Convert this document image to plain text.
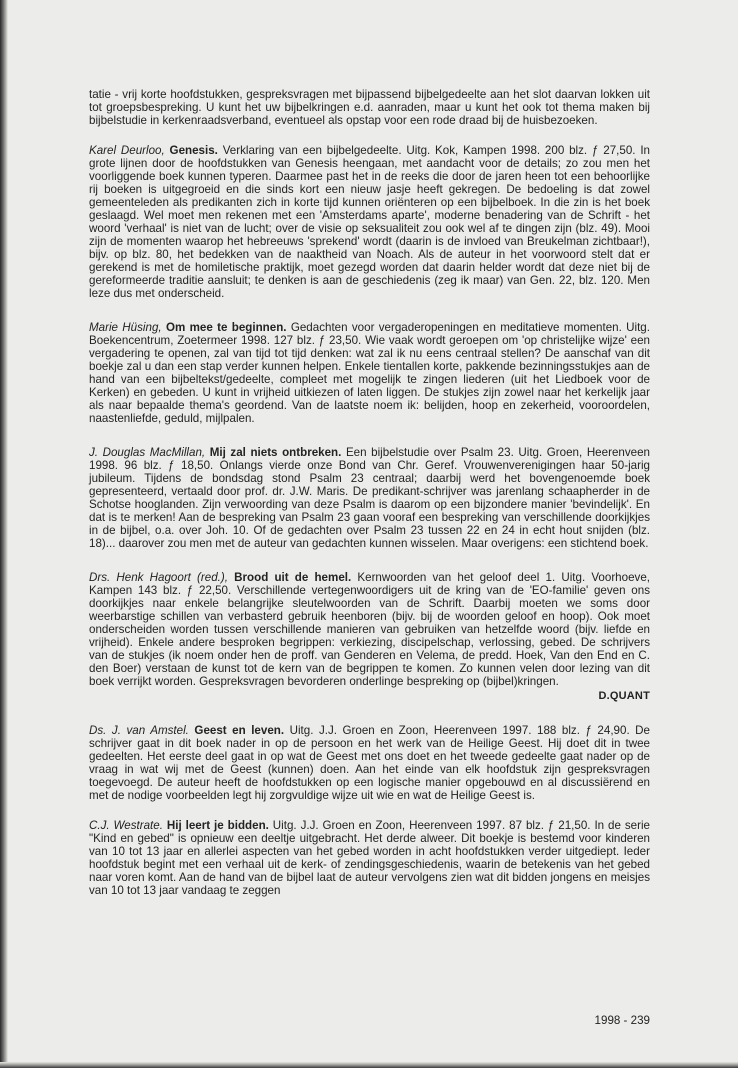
tatie - vrij korte hoofdstukken, gespreksvragen met bijpassend bijbelgedeelte aan het slot daarvan lokken uit tot groepsbespreking. U kunt het uw bijbelkringen e.d. aanraden, maar u kunt het ook tot thema maken bij bijbelstudie in kerkenraadsverband, eventueel als opstap voor een rode draad bij de huisbezoeken.

Karel Deurloo, Genesis. Verklaring van een bijbelgedeelte. Uitg. Kok, Kampen 1998. 200 blz. ƒ 27,50. In grote lijnen door de hoofdstukken van Genesis heengaan, met aandacht voor de details; zo zou men het voorliggende boek kunnen typeren. Daarmee past het in de reeks die door de jaren heen tot een behoorlijke rij boeken is uitgegroeid en die sinds kort een nieuw jasje heeft gekregen. De bedoeling is dat zowel gemeenteleden als predikanten zich in korte tijd kunnen oriënteren op een bijbelboek. In die zin is het boek geslaagd. Wel moet men rekenen met een 'Amsterdams aparte', moderne benadering van de Schrift - het woord 'verhaal' is niet van de lucht; over de visie op seksualiteit zou ook wel af te dingen zijn (blz. 49). Mooi zijn de momenten waarop het hebreeuws 'sprekend' wordt (daarin is de invloed van Breukelman zichtbaar!), bijv. op blz. 80, het bedekken van de naaktheid van Noach. Als de auteur in het voorwoord stelt dat er gerekend is met de homiletische praktijk, moet gezegd worden dat daarin helder wordt dat deze niet bij de gereformeerde traditie aansluit; te denken is aan de geschiedenis (zeg ik maar) van Gen. 22, blz. 120. Men leze dus met onderscheid.

Marie Hüsing, Om mee te beginnen. Gedachten voor vergaderopeningen en meditatieve momenten. Uitg. Boekencentrum, Zoetermeer 1998. 127 blz. ƒ 23,50. Wie vaak wordt geroepen om 'op christelijke wijze' een vergadering te openen, zal van tijd tot tijd denken: wat zal ik nu eens centraal stellen? De aanschaf van dit boekje zal u dan een stap verder kunnen helpen. Enkele tientallen korte, pakkende bezinningsstukjes aan de hand van een bijbeltekst/gedeelte, compleet met mogelijk te zingen liederen (uit het Liedboek voor de Kerken) en gebeden. U kunt in vrijheid uitkiezen of laten liggen. De stukjes zijn zowel naar het kerkelijk jaar als naar bepaalde thema's geordend. Van de laatste noem ik: belijden, hoop en zekerheid, vooroordelen, naastenliefde, geduld, mijlpalen.

J. Douglas MacMillan, Mij zal niets ontbreken. Een bijbelstudie over Psalm 23. Uitg. Groen, Heerenveen 1998. 96 blz. ƒ 18,50. Onlangs vierde onze Bond van Chr. Geref. Vrouwenverenigingen haar 50-jarig jubileum. Tijdens de bondsdag stond Psalm 23 centraal; daarbij werd het bovengenoemde boek gepresenteerd, vertaald door prof. dr. J.W. Maris. De predikant-schrijver was jarenlang schaapherder in de Schotse hooglanden. Zijn verwoording van deze Psalm is daarom op een bijzondere manier 'bevindelijk'. En dat is te merken! Aan de bespreking van Psalm 23 gaan vooraf een bespreking van verschillende doorkijkjes in de bijbel, o.a. over Joh. 10. Of de gedachten over Psalm 23 tussen 22 en 24 in echt hout snijden (blz. 18)... daarover zou men met de auteur van gedachten kunnen wisselen. Maar overigens: een stichtend boek.

Drs. Henk Hagoort (red.), Brood uit de hemel. Kernwoorden van het geloof deel 1. Uitg. Voorhoeve, Kampen 143 blz. ƒ 22,50. Verschillende vertegenwoordigers uit de kring van de 'EO-familie' geven ons doorkijkjes naar enkele belangrijke sleutelwoorden van de Schrift. Daarbij moeten we soms door weerbarstige schillen van verbasterd gebruik heenboren (bijv. bij de woorden geloof en hoop). Ook moet onderscheiden worden tussen verschillende manieren van gebruiken van hetzelfde woord (bijv. liefde en vrijheid). Enkele andere besproken begrippen: verkiezing, discipelschap, verlossing, gebed. De schrijvers van de stukjes (ik noem onder hen de proff. van Genderen en Velema, de predd. Hoek, Van den End en C. den Boer) verstaan de kunst tot de kern van de begrippen te komen. Zo kunnen velen door lezing van dit boek verrijkt worden. Gespreksvragen bevorderen onderlinge bespreking op (bijbel)kringen.

D.QUANT

Ds. J. van Amstel. Geest en leven. Uitg. J.J. Groen en Zoon, Heerenveen 1997. 188 blz. ƒ 24,90. De schrijver gaat in dit boek nader in op de persoon en het werk van de Heilige Geest. Hij doet dit in twee gedeelten. Het eerste deel gaat in op wat de Geest met ons doet en het tweede gedeelte gaat nader op de vraag in wat wij met de Geest (kunnen) doen. Aan het einde van elk hoofdstuk zijn gespreksvragen toegevoegd. De auteur heeft de hoofdstukken op een logische manier opgebouwd en al discussiërend en met de nodige voorbeelden legt hij zorgvuldige wijze uit wie en wat de Heilige Geest is.

C.J. Westrate. Hij leert je bidden. Uitg. J.J. Groen en Zoon, Heerenveen 1997. 87 blz. ƒ 21,50. In de serie "Kind en gebed" is opnieuw een deeltje uitgebracht. Het derde alweer. Dit boekje is bestemd voor kinderen van 10 tot 13 jaar en allerlei aspecten van het gebed worden in acht hoofdstukken verder uitgediept. Ieder hoofdstuk begint met een verhaal uit de kerk- of zendingsgeschiedenis, waarin de betekenis van het gebed naar voren komt. Aan de hand van de bijbel laat de auteur vervolgens zien wat dit bidden jongens en meisjes van 10 tot 13 jaar vandaag te zeggen

1998 - 239
